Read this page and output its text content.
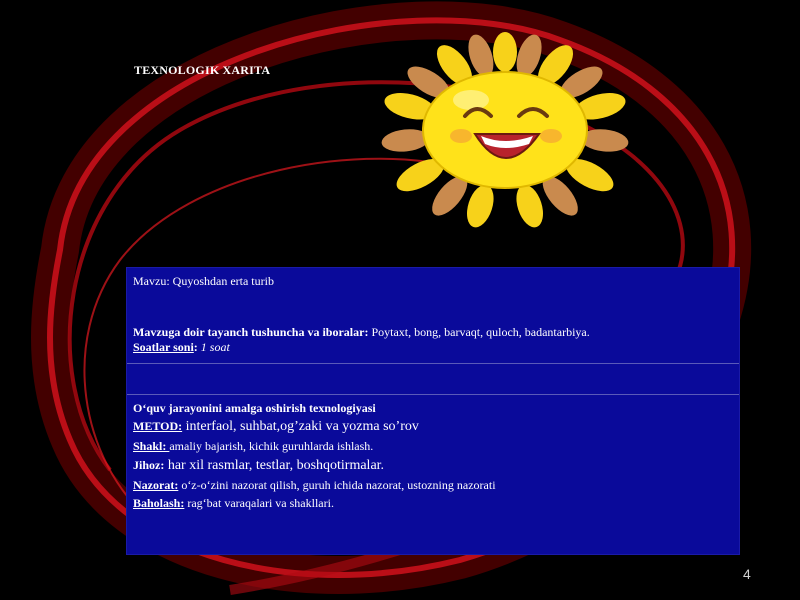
TEXNOLOGIK XARITA
Mavzu: Quyoshdan erta turib
Mavzuga doir tayanch tushuncha va iboralar: Poytaxt, bong, barvaqt, quloch, badantarbiya.
Soatlar soni: 1 soat
O‘quv jarayonini amalga oshirish texnologiyasi
METOD: interfaol, suhbat,og’zaki va yozma so’rov
Shakl: amaliy bajarish, kichik guruhlarda ishlash.
Jihoz: har xil rasmlar, testlar, boshqotirmalar.
Nazorat: o‘z-o‘zini nazorat qilish, guruh ichida nazorat, ustozning nazorati
Baholash: rag‘bat varaqalari va shakllari.
4
